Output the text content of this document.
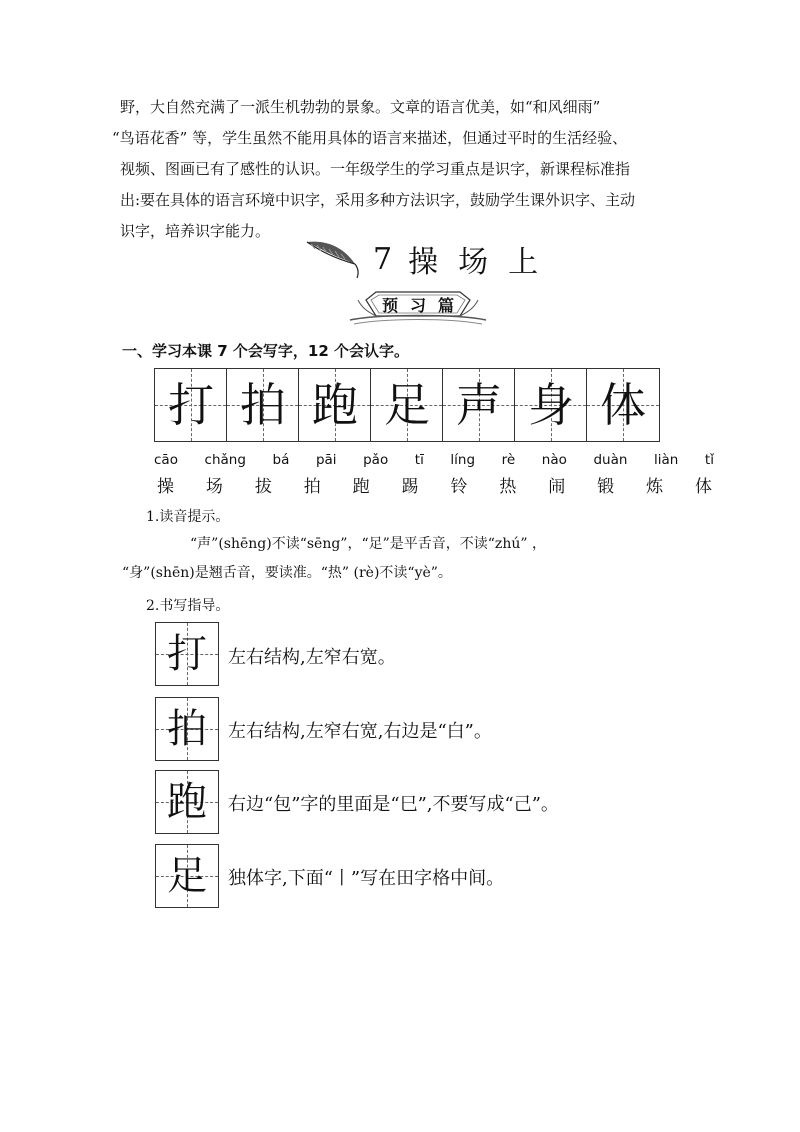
野，大自然充满了一派生机勃勃的景象。文章的语言优美，如“和风细雨”

“鸟语花香” 等，学生虽然不能用具体的语言来描述，但通过平时的生活经验、

视频、图画已有了感性的认识。一年级学生的学习重点是识字，新课程标准指

出:要在具体的语言环境中识字，采用多种方法识字，鼓励学生课外识字、主动

识字，培养识字能力。

7 操场上
预习篇
一、学习本课 7 个会写字，12 个会认字。
打 拍 跑 足 声 身 体
cāo chǎng bá pāi pǎo tī líng rè nào duàn liàn tǐ
操 场 拔 拍 跑 踢 铃 热 闹 锻 炼 体
1.读音提示。
“声”(shēng)不读“sēng”，“足”是平舌音，不读“zhú” ，
“身”(shēn)是翘舌音，要读准。“热” (rè)不读“yè”。
2.书写指导。
打	左右结构,左窄右宽。
拍	左右结构,左窄右宽,右边是“白”。
跑	右边“包”字的里面是“巳”,不要写成“己”。
足	独体字,下面“丨”写在田字格中间。
